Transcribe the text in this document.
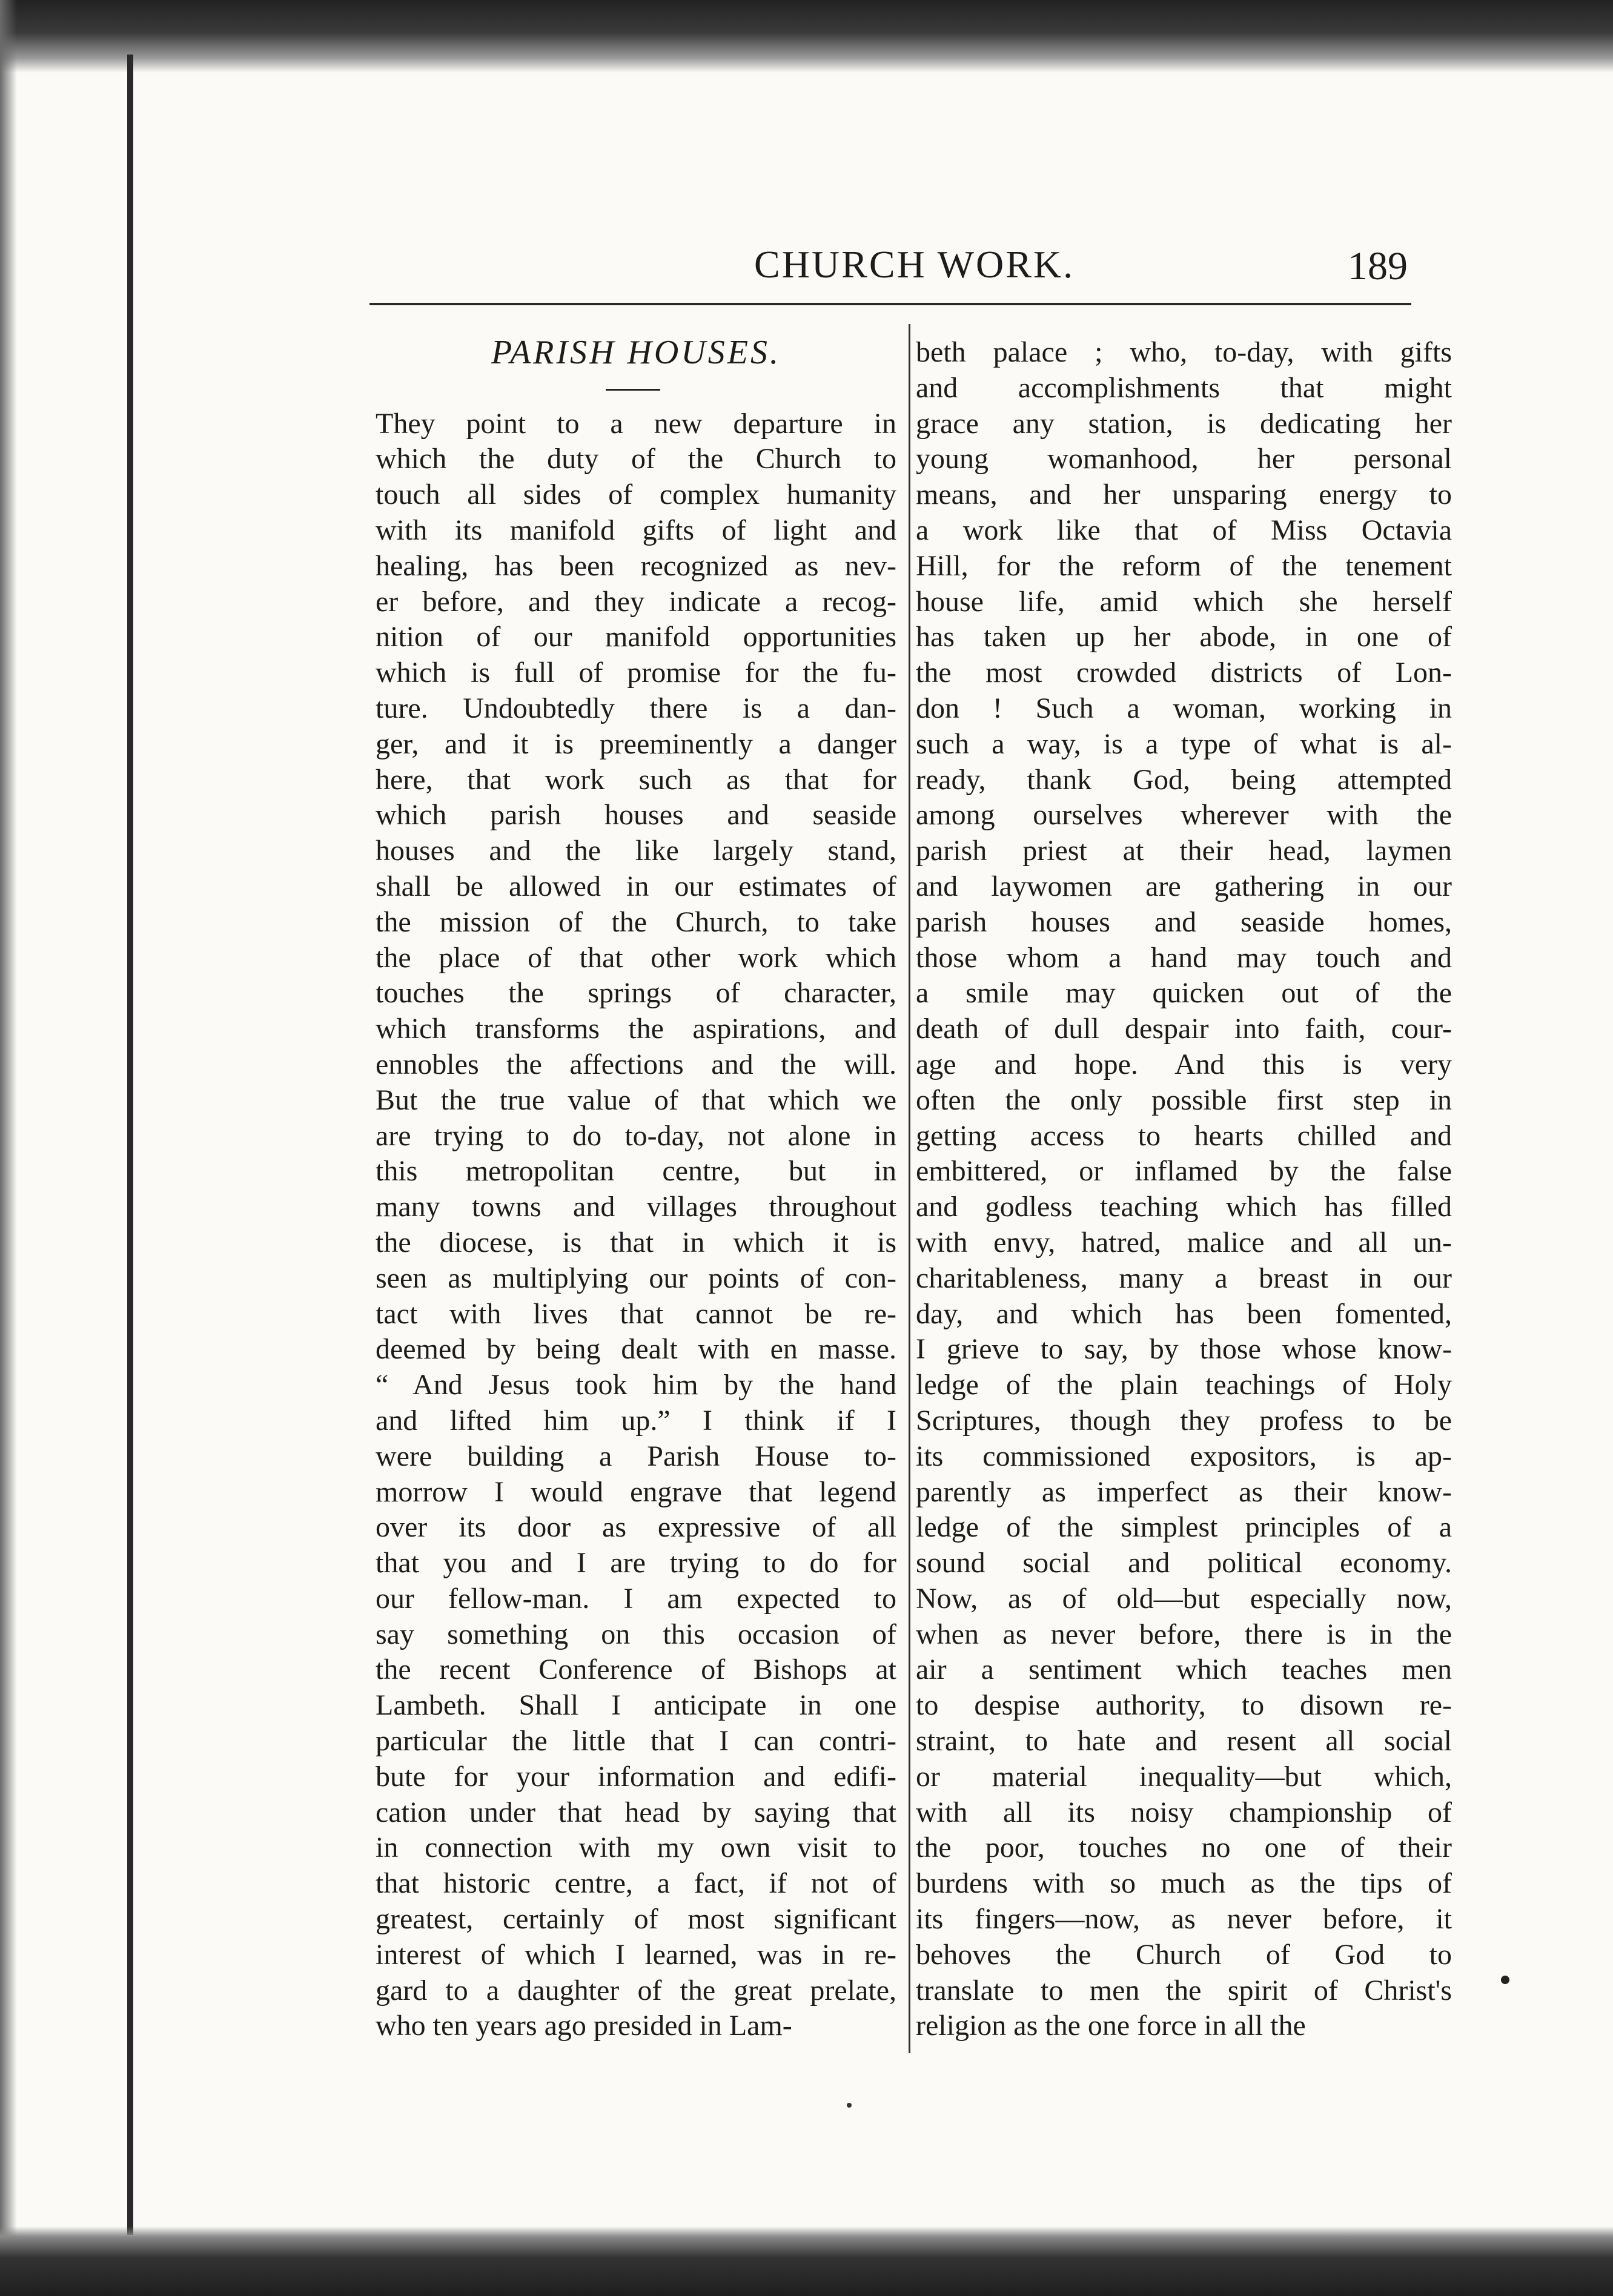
CHURCH WORK.	189
PARISH HOUSES.
They point to a new departure in
which the duty of the Church to
touch all sides of complex humanity
with its manifold gifts of light and
healing, has been recognized as nev-
er before, and they indicate a recog-
nition of our manifold opportunities
which is full of promise for the fu-
ture. Undoubtedly there is a dan-
ger, and it is preeminently a danger
here, that work such as that for
which parish houses and seaside
houses and the like largely stand,
shall be allowed in our estimates of
the mission of the Church, to take
the place of that other work which
touches the springs of character,
which transforms the aspirations, and
ennobles the affections and the will.
But the true value of that which we
are trying to do to-day, not alone in
this metropolitan centre, but in
many towns and villages throughout
the diocese, is that in which it is
seen as multiplying our points of con-
tact with lives that cannot be re-
deemed by being dealt with en masse.
“ And Jesus took him by the hand
and lifted him up.” I think if I
were building a Parish House to-
morrow I would engrave that legend
over its door as expressive of all
that you and I are trying to do for
our fellow-man. I am expected to
say something on this occasion of
the recent Conference of Bishops at
Lambeth. Shall I anticipate in one
particular the little that I can contri-
bute for your information and edifi-
cation under that head by saying that
in connection with my own visit to
that historic centre, a fact, if not of
greatest, certainly of most significant
interest of which I learned, was in re-
gard to a daughter of the great prelate,
who ten years ago presided in Lam-
beth palace ; who, to-day, with gifts
and accomplishments that might
grace any station, is dedicating her
young womanhood, her personal
means, and her unsparing energy to
a work like that of Miss Octavia
Hill, for the reform of the tenement
house life, amid which she herself
has taken up her abode, in one of
the most crowded districts of Lon-
don ! Such a woman, working in
such a way, is a type of what is al-
ready, thank God, being attempted
among ourselves wherever with the
parish priest at their head, laymen
and laywomen are gathering in our
parish houses and seaside homes,
those whom a hand may touch and
a smile may quicken out of the
death of dull despair into faith, cour-
age and hope. And this is very
often the only possible first step in
getting access to hearts chilled and
embittered, or inflamed by the false
and godless teaching which has filled
with envy, hatred, malice and all un-
charitableness, many a breast in our
day, and which has been fomented,
I grieve to say, by those whose know-
ledge of the plain teachings of Holy
Scriptures, though they profess to be
its commissioned expositors, is ap-
parently as imperfect as their know-
ledge of the simplest principles of a
sound social and political economy.
Now, as of old—but especially now,
when as never before, there is in the
air a sentiment which teaches men
to despise authority, to disown re-
straint, to hate and resent all social
or material inequality—but which,
with all its noisy championship of
the poor, touches no one of their
burdens with so much as the tips of
its fingers—now, as never before, it
behoves the Church of God to
translate to men the spirit of Christ's
religion as the one force in all the
